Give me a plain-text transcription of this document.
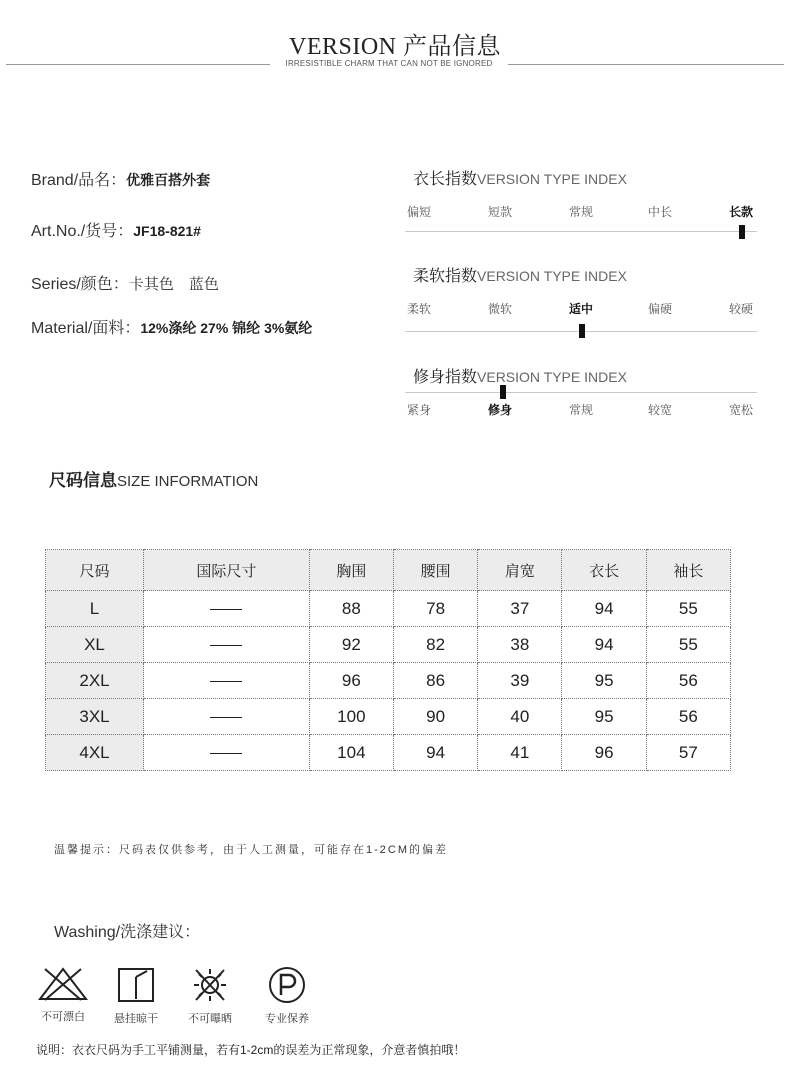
VERSION 产品信息
IRRESISTIBLE CHARM THAT CAN NOT BE IGNORED
Brand/品名：优雅百搭外套
Art.No./货号：JF18-821#
Series/颜色：卡其色　蓝色
Material/面料：12%涤纶 27% 锦纶 3%氨纶
衣长指数VERSION TYPE INDEX
偏短	短款	常规	中长	长款
柔软指数VERSION TYPE INDEX
柔软	微软	适中	偏硬	较硬
修身指数VERSION TYPE INDEX
紧身	修身	常规	较宽	宽松
尺码信息SIZE INFORMATION
尺码	国际尺寸	胸围	腰围	肩宽	衣长	袖长
L		88	78	37	94	55
XL		92	82	38	94	55
2XL		96	86	39	95	56
3XL		100	90	40	95	56
4XL		104	94	41	96	57
温馨提示：尺码表仅供参考，由于人工测量，可能存在1-2CM的偏差
Washing/洗涤建议：
不可漂白	悬挂晾干	不可曝晒	专业保养
说明：衣衣尺码为手工平铺测量，若有1-2cm的误差为正常现象，介意者慎拍哦！
